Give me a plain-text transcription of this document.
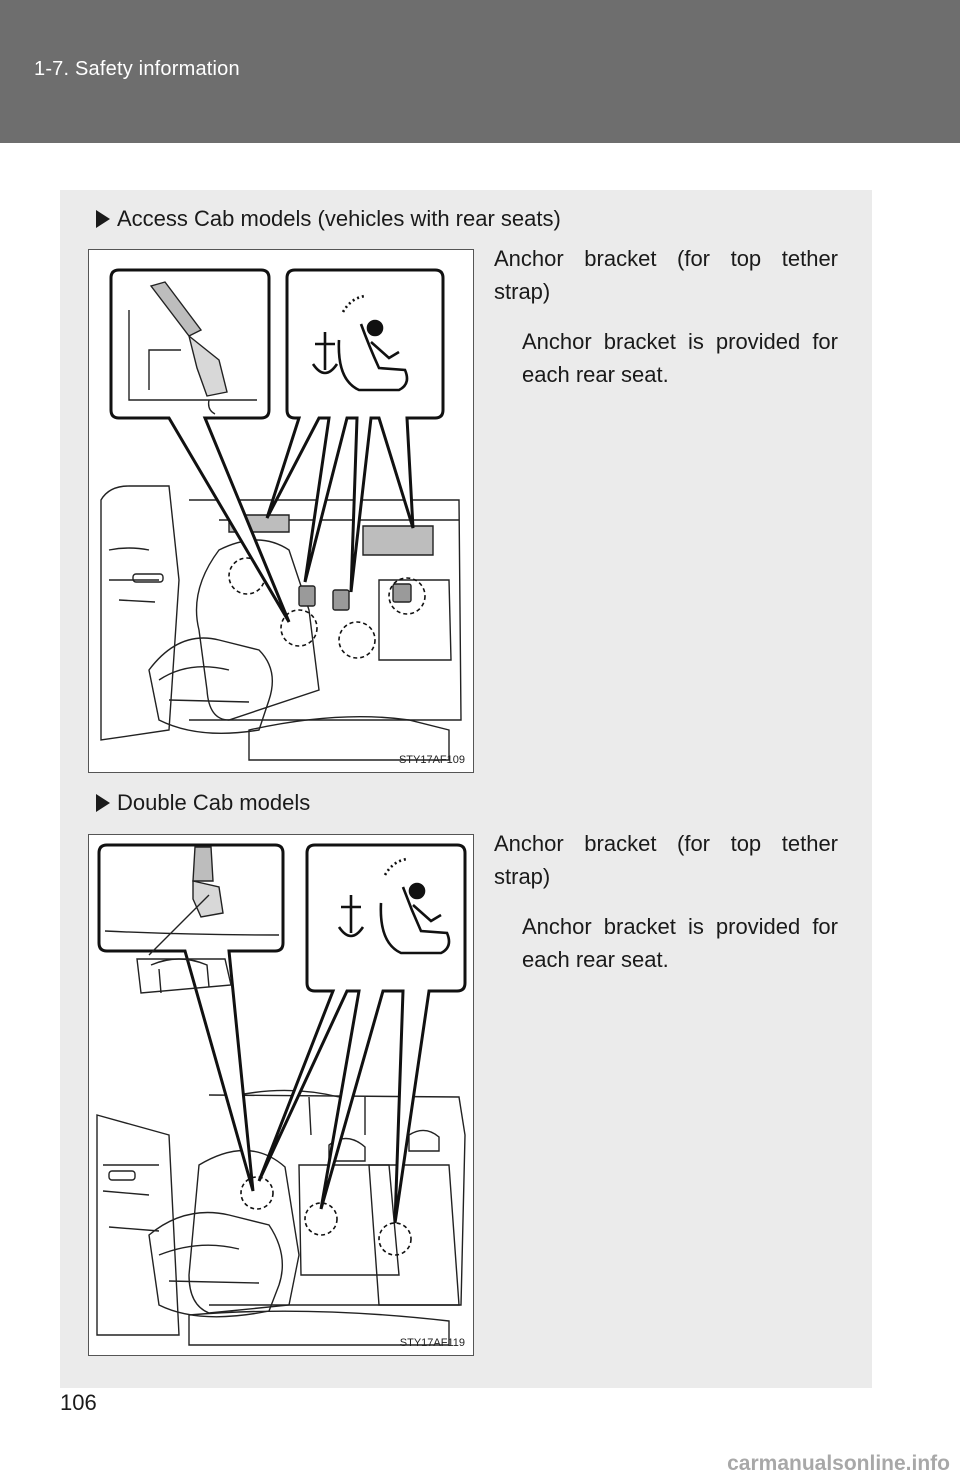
1-7. Safety information
Access Cab models (vehicles with rear seats)
STY17AF109
Anchor bracket (for top tether strap)
Anchor bracket is provided for each rear seat.
Double Cab models
STY17AF119
Anchor bracket (for top tether strap)
Anchor bracket is provided for each rear seat.
106
carmanualsonline.info
